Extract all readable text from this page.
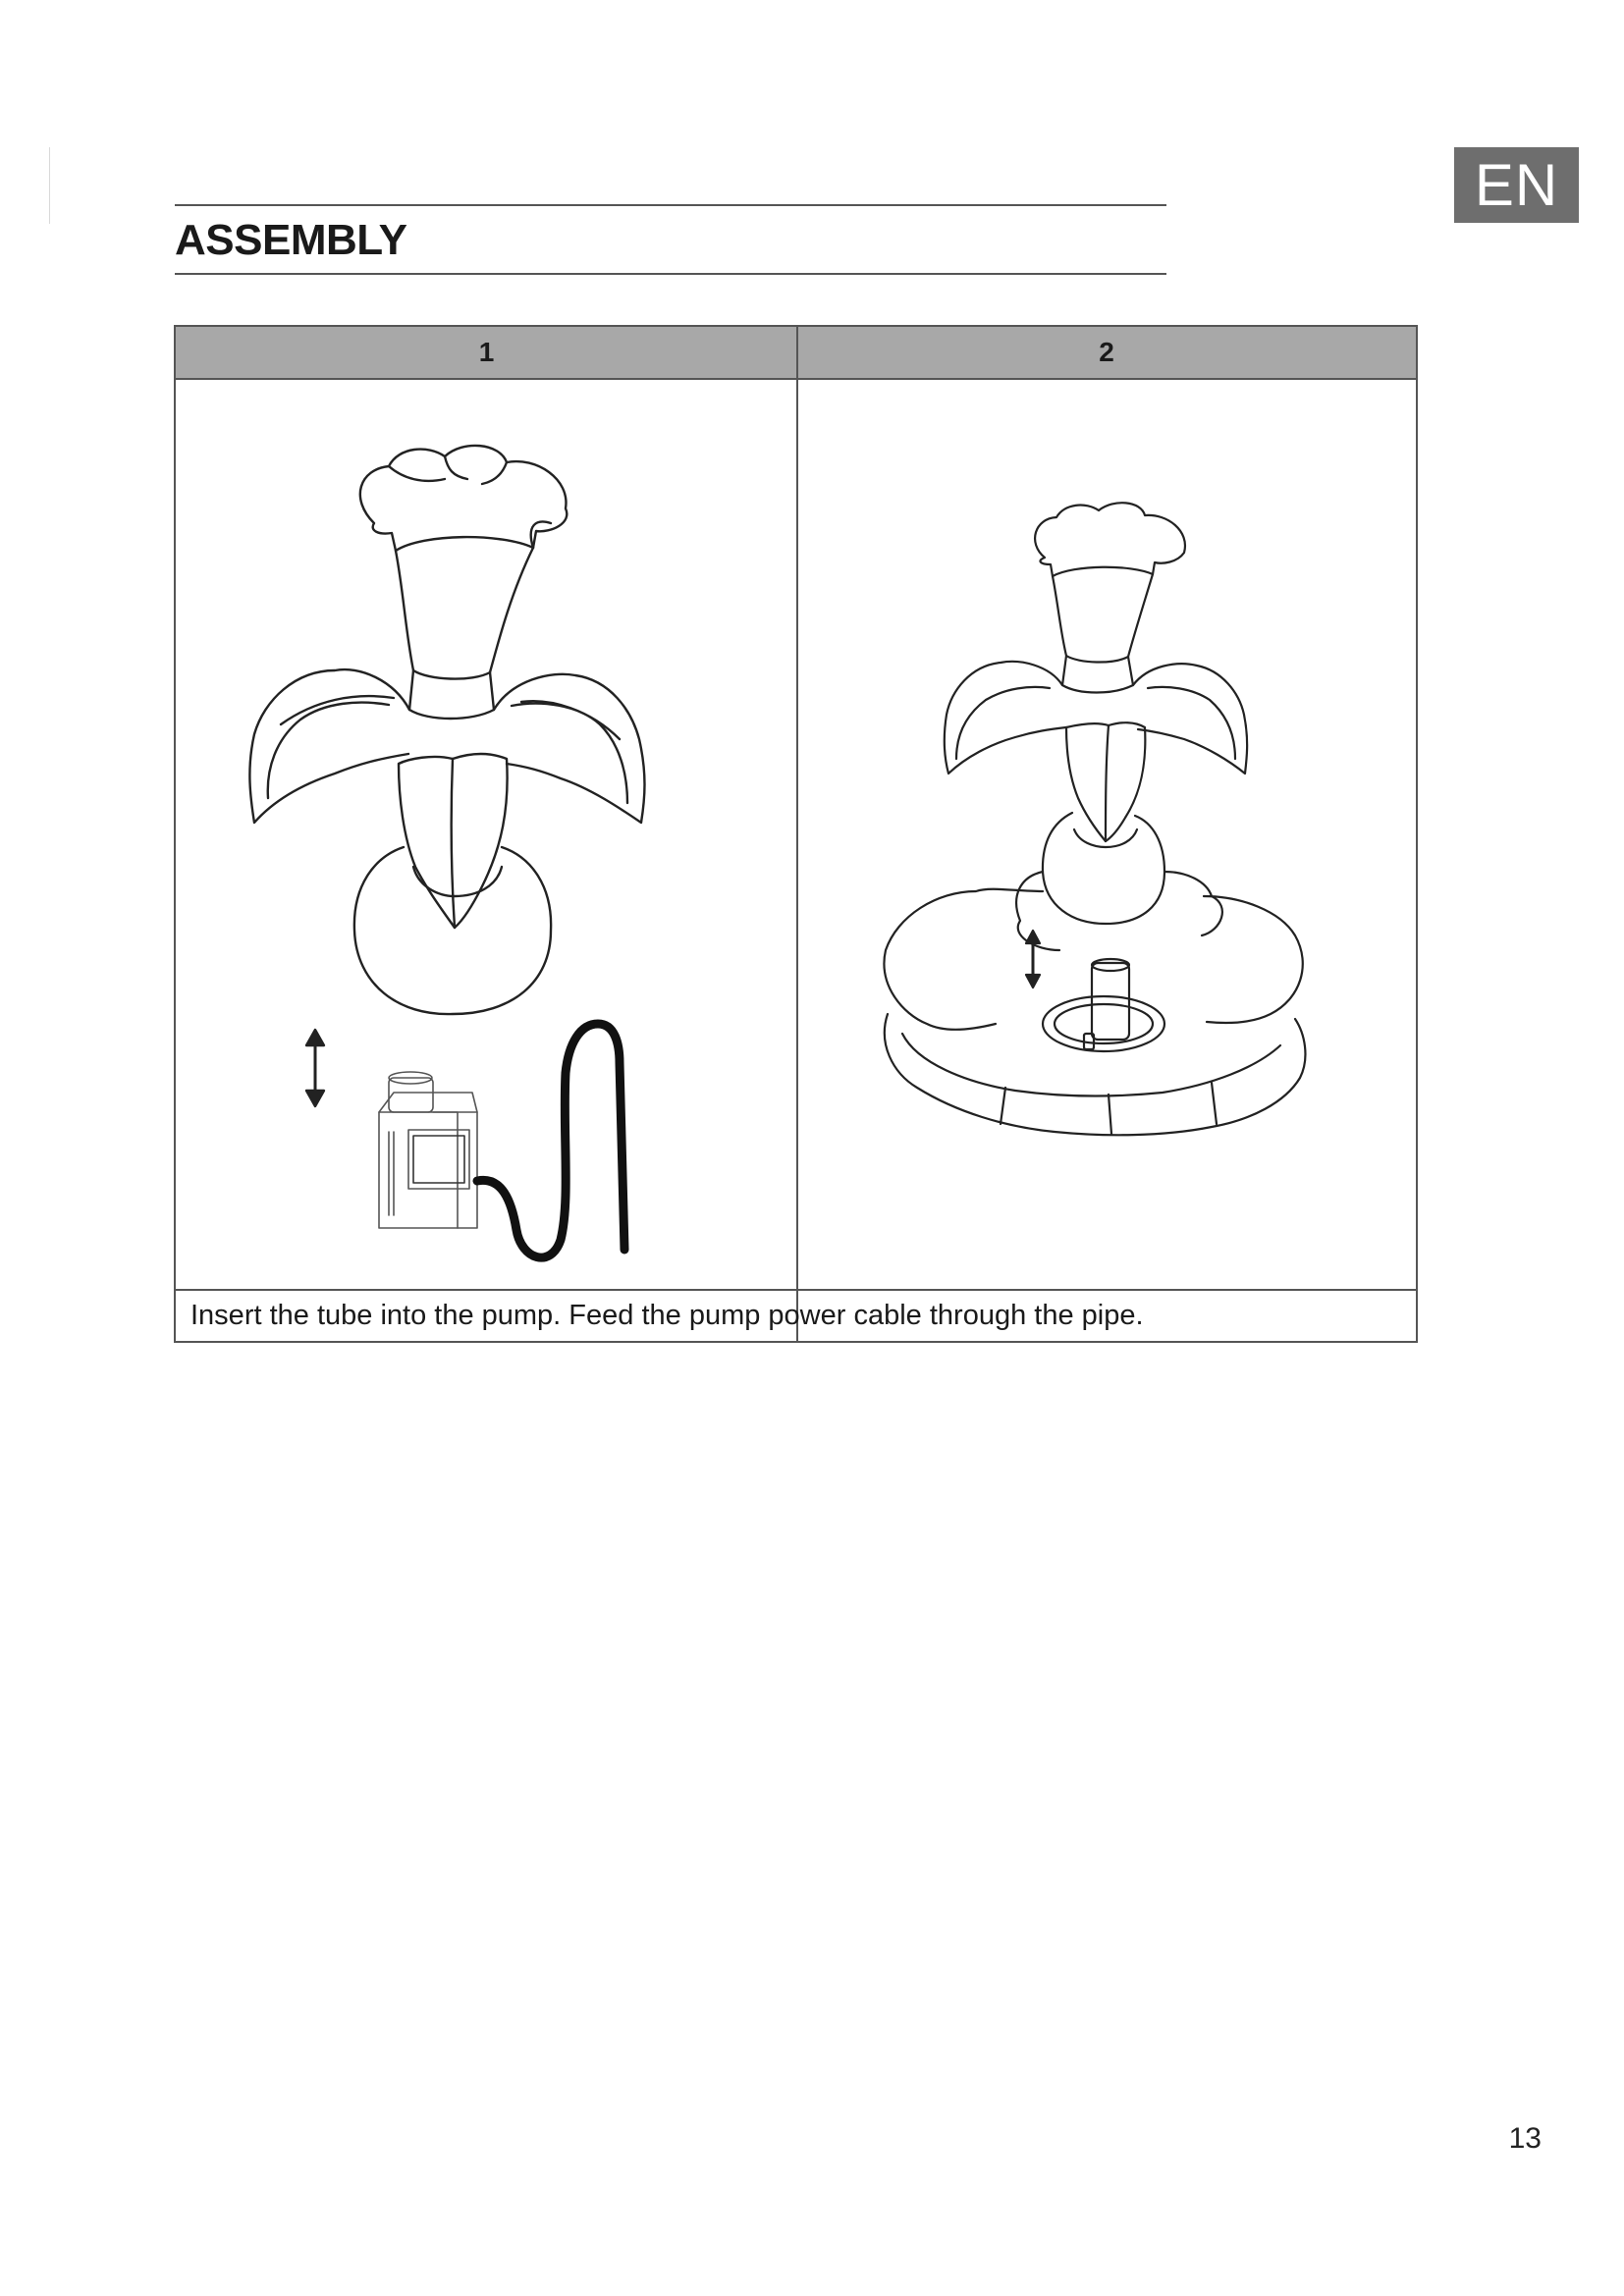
EN
ASSEMBLY
1	2
Insert the tube into the pump. Feed the pump power cable through the pipe.
13
